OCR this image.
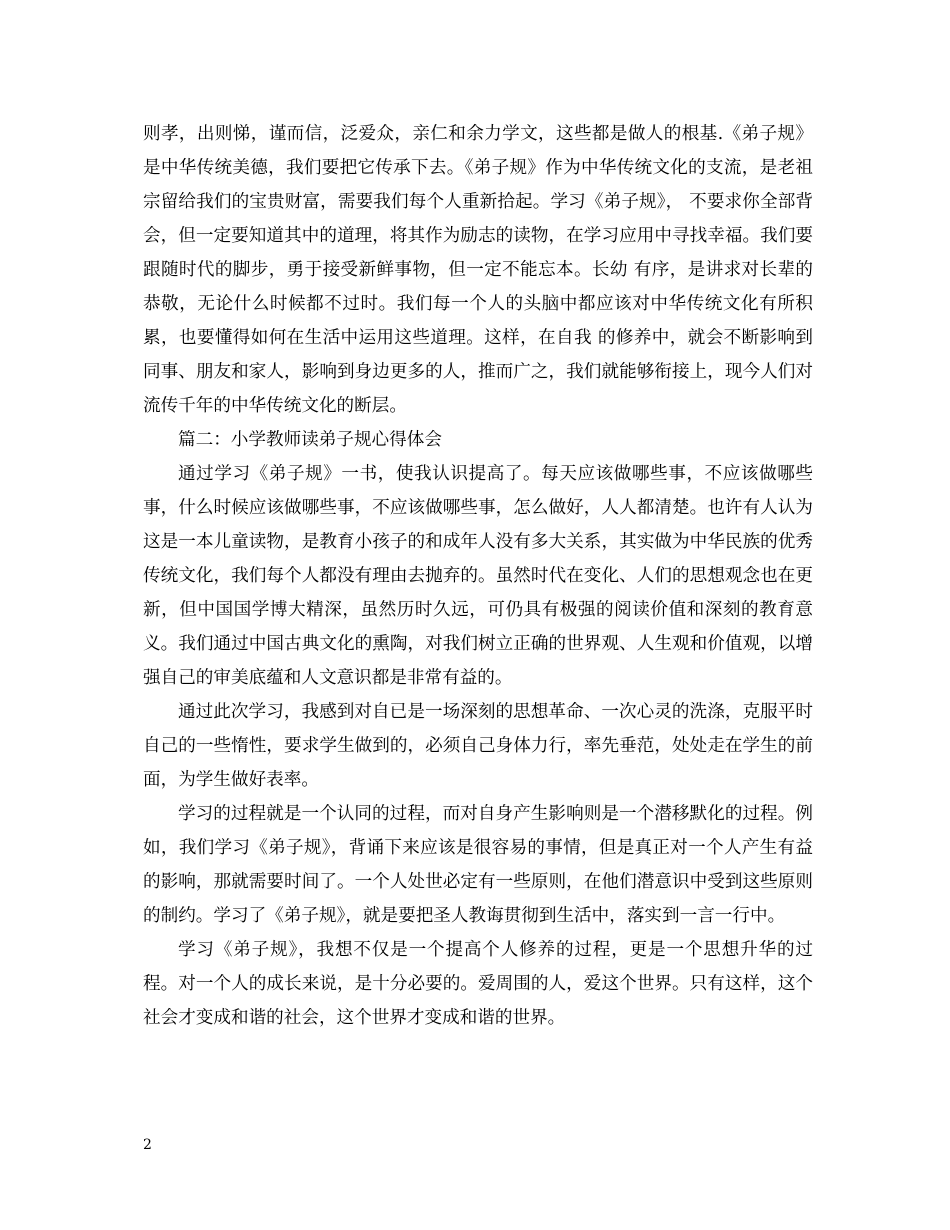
则孝，出则悌，谨而信，泛爱众，亲仁和余力学文，这些都是做人的根基.《弟子规》是中华传统美德，我们要把它传承下去。《弟子规》作为中华传统文化的支流，是老祖宗留给我们的宝贵财富，需要我们每个人重新拾起。学习《弟子规》， 不要求你全部背会，但一定要知道其中的道理，将其作为励志的读物，在学习应用中寻找幸福。我们要跟随时代的脚步，勇于接受新鲜事物，但一定不能忘本。长幼 有序，是讲求对长辈的恭敬，无论什么时候都不过时。我们每一个人的头脑中都应该对中华传统文化有所积累，也要懂得如何在生活中运用这些道理。这样，在自我 的修养中，就会不断影响到同事、朋友和家人，影响到身边更多的人，推而广之，我们就能够衔接上，现今人们对流传千年的中华传统文化的断层。

篇二：小学教师读弟子规心得体会

通过学习《弟子规》一书，使我认识提高了。每天应该做哪些事，不应该做哪些事，什么时候应该做哪些事，不应该做哪些事，怎么做好，人人都清楚。也许有人认为这是一本儿童读物，是教育小孩子的和成年人没有多大关系，其实做为中华民族的优秀传统文化，我们每个人都没有理由去抛弃的。虽然时代在变化、人们的思想观念也在更新，但中国国学博大精深，虽然历时久远，可仍具有极强的阅读价值和深刻的教育意义。我们通过中国古典文化的熏陶，对我们树立正确的世界观、人生观和价值观，以增强自己的审美底蕴和人文意识都是非常有益的。

通过此次学习，我感到对自已是一场深刻的思想革命、一次心灵的洗涤，克服平时自己的一些惰性，要求学生做到的，必须自己身体力行，率先垂范，处处走在学生的前面，为学生做好表率。

学习的过程就是一个认同的过程，而对自身产生影响则是一个潜移默化的过程。例如，我们学习《弟子规》，背诵下来应该是很容易的事情，但是真正对一个人产生有益的影响，那就需要时间了。一个人处世必定有一些原则，在他们潜意识中受到这些原则的制约。学习了《弟子规》，就是要把圣人教诲贯彻到生活中，落实到一言一行中。

学习《弟子规》，我想不仅是一个提高个人修养的过程，更是一个思想升华的过程。对一个人的成长来说，是十分必要的。爱周围的人，爱这个世界。只有这样，这个社会才变成和谐的社会，这个世界才变成和谐的世界。

2
